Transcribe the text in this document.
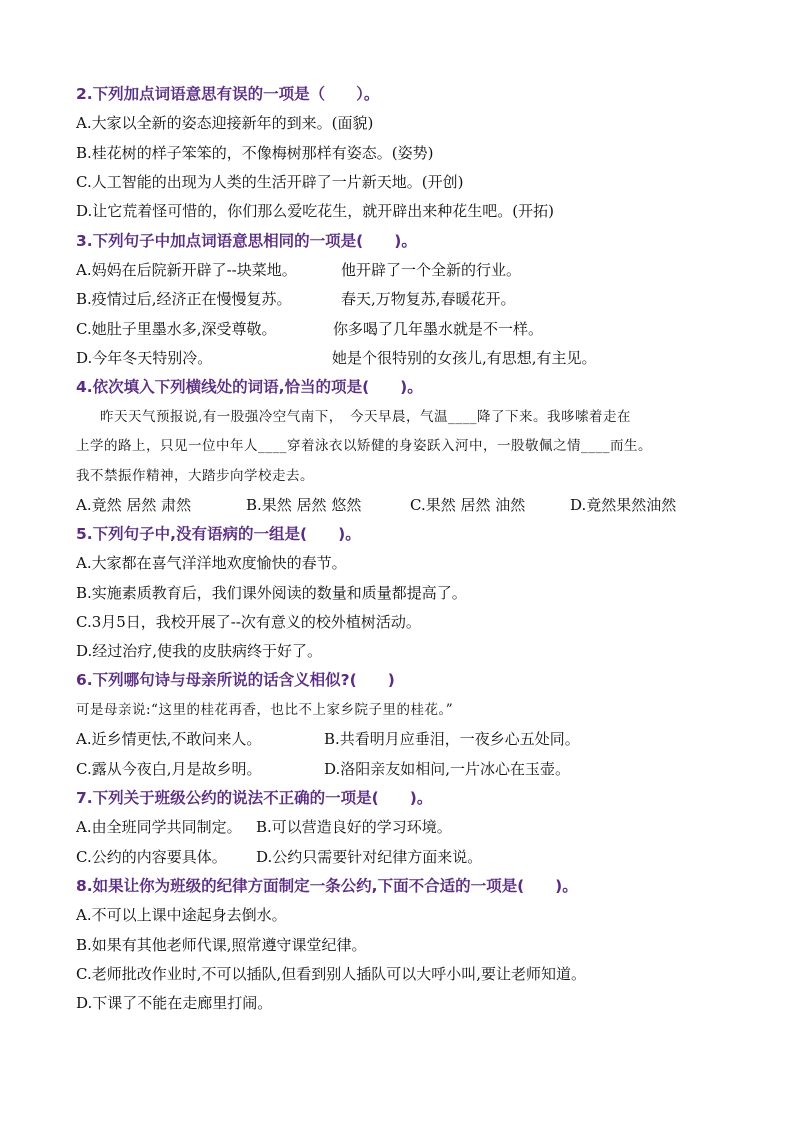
2.下列加点词语意思有误的一项是（　　）。
A.大家以全新的姿态迎接新年的到来。(面貌)
B.桂花树的样子笨笨的，不像梅树那样有姿态。(姿势)
C.人工智能的出现为人类的生活开辟了一片新天地。(开创)
D.让它荒着怪可惜的，你们那么爱吃花生，就开辟出来种花生吧。(开拓)
3.下列句子中加点词语意思相同的一项是(　　)。
A.妈妈在后院新开辟了--块菜地。	他开辟了一个全新的行业。
B.疫情过后,经济正在慢慢复苏。	春天,万物复苏,春暖花开。
C.她肚子里墨水多,深受尊敬。	你多喝了几年墨水就是不一样。
D.今年冬天特别冷。	她是个很特别的女孩儿,有思想,有主见。
4.依次填入下列横线处的词语,恰当的项是(　　)。
昨天天气预报说,有一股强冷空气南下，　今天早晨，气温____降了下来。我哆嗦着走在
上学的路上，只见一位中年人____穿着泳衣以矫健的身姿跃入河中，一股敬佩之情____而生。
我不禁振作精神，大踏步向学校走去。
A.竟然 居然 肃然	B.果然 居然 悠然	C.果然 居然 油然	D.竟然果然油然
5.下列句子中,没有语病的一组是(　　)。
A.大家都在喜气洋洋地欢度愉快的春节。
B.实施素质教育后，我们课外阅读的数量和质量都提高了。
C.3月5日，我校开展了--次有意义的校外植树活动。
D.经过治疗,使我的皮肤病终于好了。
6.下列哪句诗与母亲所说的话含义相似?(　　)
可是母亲说:“这里的桂花再香，也比不上家乡院子里的桂花。”
A.近乡情更怯,不敢问来人。	B.共看明月应垂泪，一夜乡心五处同。
C.露从今夜白,月是故乡明。	D.洛阳亲友如相问,一片冰心在玉壶。
7.下列关于班级公约的说法不正确的一项是(　　)。
A.由全班同学共同制定。 B.可以营造良好的学习环境。
C.公约的内容要具体。 D.公约只需要针对纪律方面来说。
8.如果让你为班级的纪律方面制定一条公约,下面不合适的一项是(　　)。
A.不可以上课中途起身去倒水。
B.如果有其他老师代课,照常遵守课堂纪律。
C.老师批改作业时,不可以插队,但看到别人插队可以大呼小叫,要让老师知道。
D.下课了不能在走廊里打闹。
